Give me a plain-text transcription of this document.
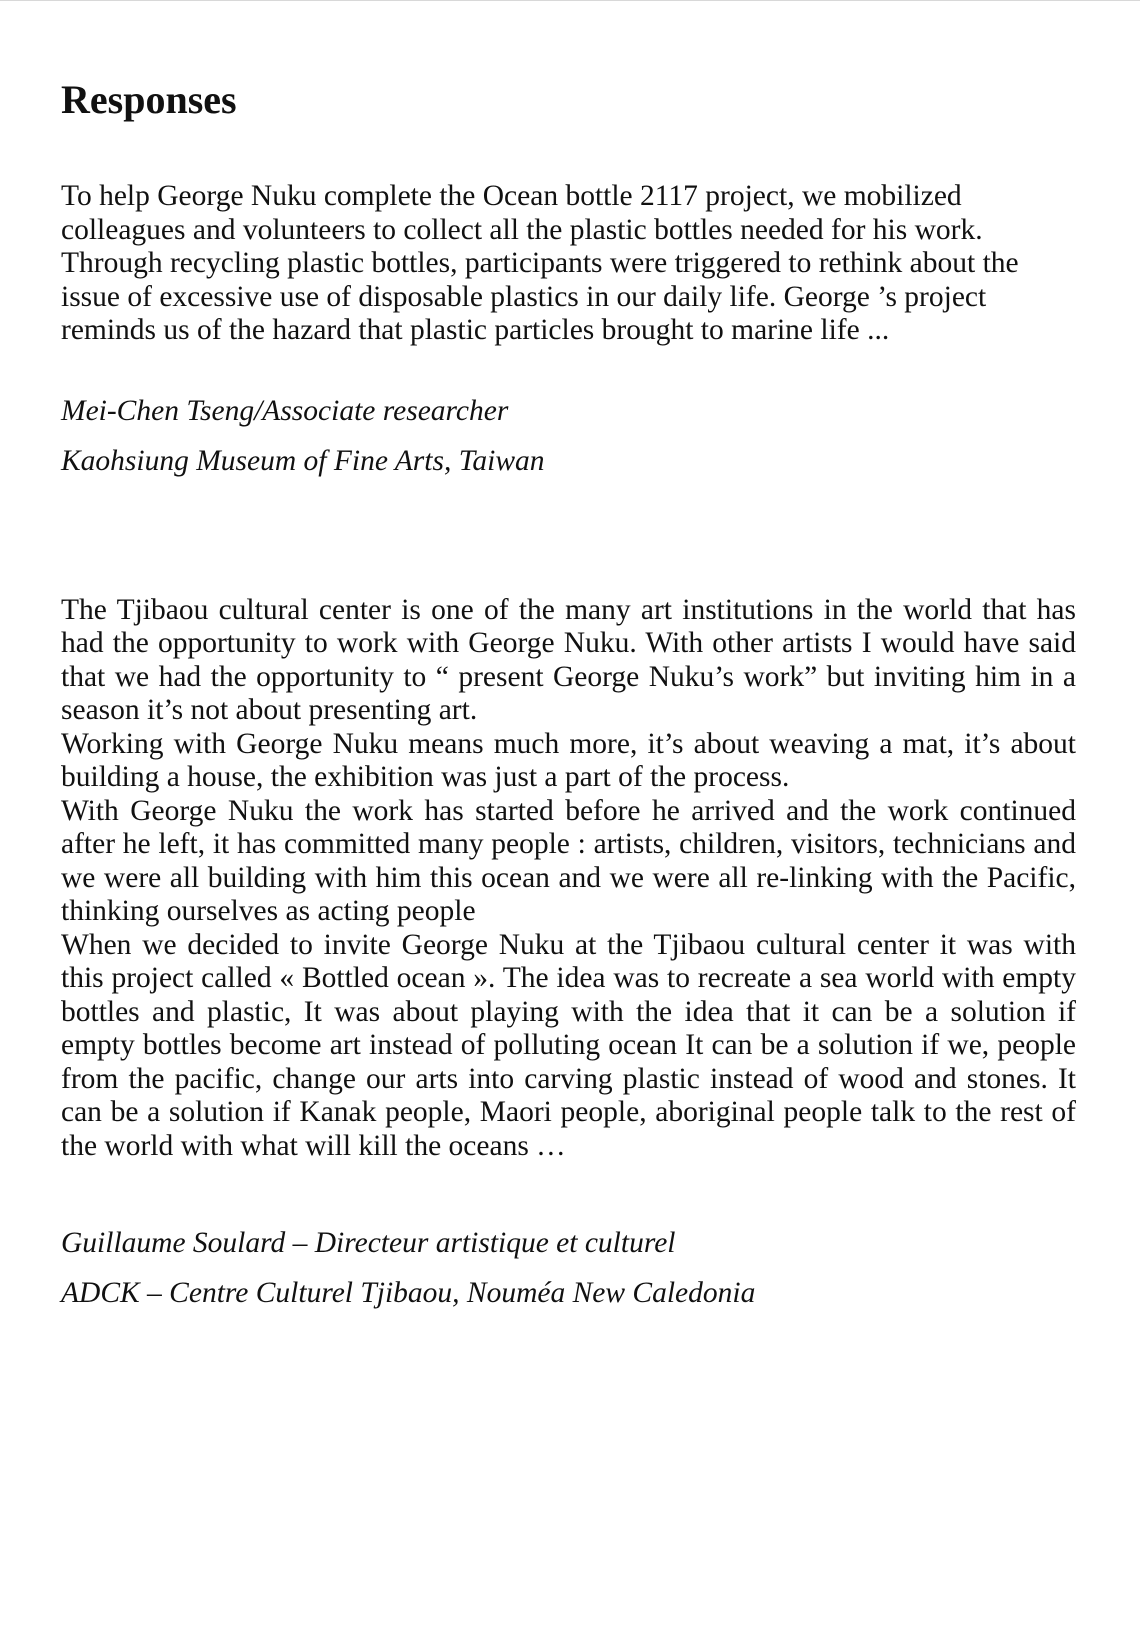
Responses

To help George Nuku complete the Ocean bottle 2117 project, we mobilized colleagues and volunteers to collect all the plastic bottles needed for his work. Through recycling plastic bottles, participants were triggered to rethink about the issue of excessive use of disposable plastics in our daily life. George ’s project reminds us of the hazard that plastic particles brought to marine life ...

Mei-Chen Tseng/Associate researcher

Kaohsiung Museum of Fine Arts, Taiwan

The Tjibaou cultural center is one of the many art institutions in the world that has had the opportunity to work with George Nuku. With other artists I would have said that we had the opportunity to “ present George Nuku’s work” but inviting him in a season it’s not about presenting art.

Working with George Nuku means much more, it’s about weaving a mat, it’s about building a house, the exhibition was just a part of the process.

With George Nuku the work has started before he arrived and the work continued after he left, it has committed many people : artists, children, visitors, technicians and we were all building with him this ocean and we were all re-linking with the Pacific, thinking ourselves as acting people

When we decided to invite George Nuku at the Tjibaou cultural center it was with this project called « Bottled ocean ». The idea was to recreate a sea world with empty bottles and plastic, It was about playing with the idea that it can be a solution if empty bottles become art instead of polluting ocean It can be a solution if we, people from the pacific, change our arts into carving plastic instead of wood and stones. It can be a solution if Kanak people, Maori people, aboriginal people talk to the rest of the world with what will kill the oceans …

Guillaume Soulard – Directeur artistique et culturel

ADCK – Centre Culturel Tjibaou, Nouméa New Caledonia
